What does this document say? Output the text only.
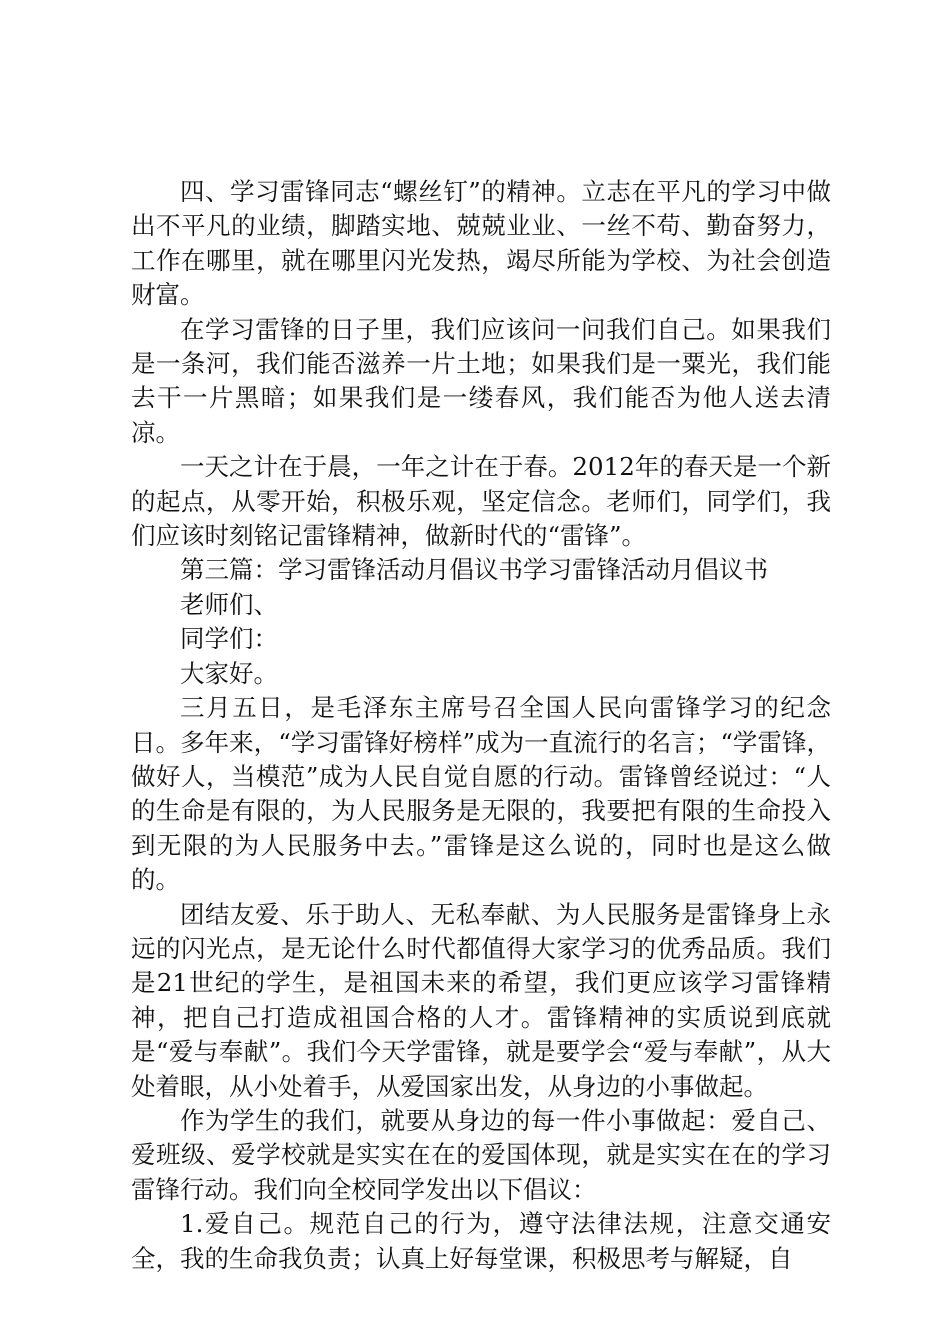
四、学习雷锋同志“螺丝钉”的精神。立志在平凡的学习中做出不平凡的业绩，脚踏实地、兢兢业业、一丝不苟、勤奋努力，工作在哪里，就在哪里闪光发热，竭尽所能为学校、为社会创造财富。

在学习雷锋的日子里，我们应该问一问我们自己。如果我们是一条河，我们能否滋养一片土地；如果我们是一粟光，我们能去干一片黑暗；如果我们是一缕春风，我们能否为他人送去清凉。

一天之计在于晨，一年之计在于春。2012年的春天是一个新的起点，从零开始，积极乐观，坚定信念。老师们，同学们，我们应该时刻铭记雷锋精神，做新时代的“雷锋”。

第三篇：学习雷锋活动月倡议书学习雷锋活动月倡议书

老师们、

同学们：

大家好。

三月五日，是毛泽东主席号召全国人民向雷锋学习的纪念日。多年来，“学习雷锋好榜样”成为一直流行的名言；“学雷锋，做好人，当模范”成为人民自觉自愿的行动。雷锋曾经说过：“人的生命是有限的，为人民服务是无限的，我要把有限的生命投入到无限的为人民服务中去。”雷锋是这么说的，同时也是这么做的。

团结友爱、乐于助人、无私奉献、为人民服务是雷锋身上永远的闪光点，是无论什么时代都值得大家学习的优秀品质。我们是21世纪的学生，是祖国未来的希望，我们更应该学习雷锋精神，把自己打造成祖国合格的人才。雷锋精神的实质说到底就是“爱与奉献”。我们今天学雷锋，就是要学会“爱与奉献”，从大处着眼，从小处着手，从爱国家出发，从身边的小事做起。

作为学生的我们，就要从身边的每一件小事做起：爱自己、爱班级、爱学校就是实实在在的爱国体现，就是实实在在的学习雷锋行动。我们向全校同学发出以下倡议：

1.爱自己。规范自己的行为，遵守法律法规，注意交通安全，我的生命我负责；认真上好每堂课，积极思考与解疑，自
